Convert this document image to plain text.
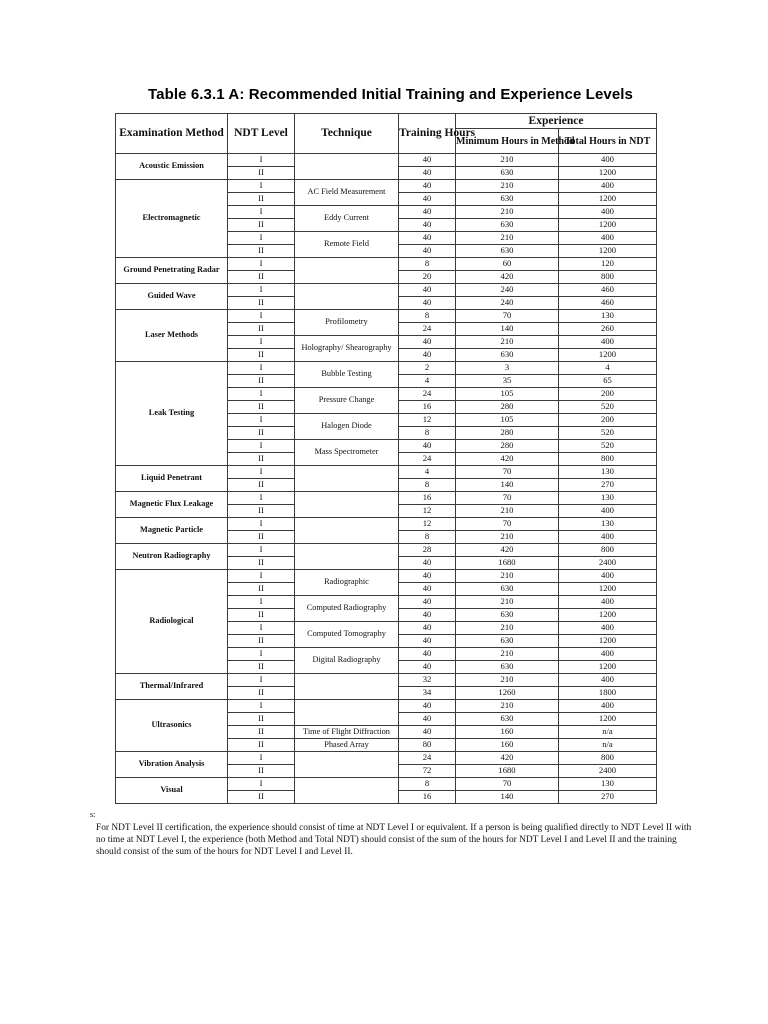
Table 6.3.1 A: Recommended Initial Training and Experience Levels
Examination Method	NDT Level	Technique	Training Hours	Experience	
				Minimum Hours in Method	Total Hours in NDT
Acoustic Emission	I		40	210	400
	II		40	630	1200
Electromagnetic	I	AC Field Measurement	40	210	400
	II		40	630	1200
	I	Eddy Current	40	210	400
	II		40	630	1200
	I	Remote Field	40	210	400
	II		40	630	1200
Ground Penetrating Radar	I		8	60	120
	II		20	420	800
Guided Wave	I		40	240	460
	II		40	240	460
Laser Methods	I	Profilometry	8	70	130
	II		24	140	260
	I	Holography/ Shearography	40	210	400
	II		40	630	1200
Leak Testing	I	Bubble Testing	2	3	4
	II		4	35	65
	I	Pressure Change	24	105	200
	II		16	280	520
	I	Halogen Diode	12	105	200
	II		8	280	520
	I	Mass Spectrometer	40	280	520
	II		24	420	800
Liquid Penetrant	I		4	70	130
	II		8	140	270
Magnetic Flux Leakage	I		16	70	130
	II		12	210	400
Magnetic Particle	I		12	70	130
	II		8	210	400
Neutron Radiography	I		28	420	800
	II		40	1680	2400
Radiological	I	Radiographic	40	210	400
	II		40	630	1200
	I	Computed Radiography	40	210	400
	II		40	630	1200
	I	Computed Tomography	40	210	400
	II		40	630	1200
	I	Digital Radiography	40	210	400
	II		40	630	1200
Thermal/Infrared	I		32	210	400
	II		34	1260	1800
Ultrasonics	I		40	210	400
	II		40	630	1200
	II	Time of Flight Diffraction	40	160	n/a
	II	Phased Array	80	160	n/a
Vibration Analysis	I		24	420	800
	II		72	1680	2400
Visual	I		8	70	130
	II		16	140	270
s:
For NDT Level II certification, the experience should consist of time at NDT Level I or equivalent. If a person is being qualified directly to NDT Level II with no time at NDT Level I, the experience (both Method and Total NDT) should consist of the sum of the hours for NDT Level I and Level II and the training should consist of the sum of the hours for NDT Level I and Level II.
